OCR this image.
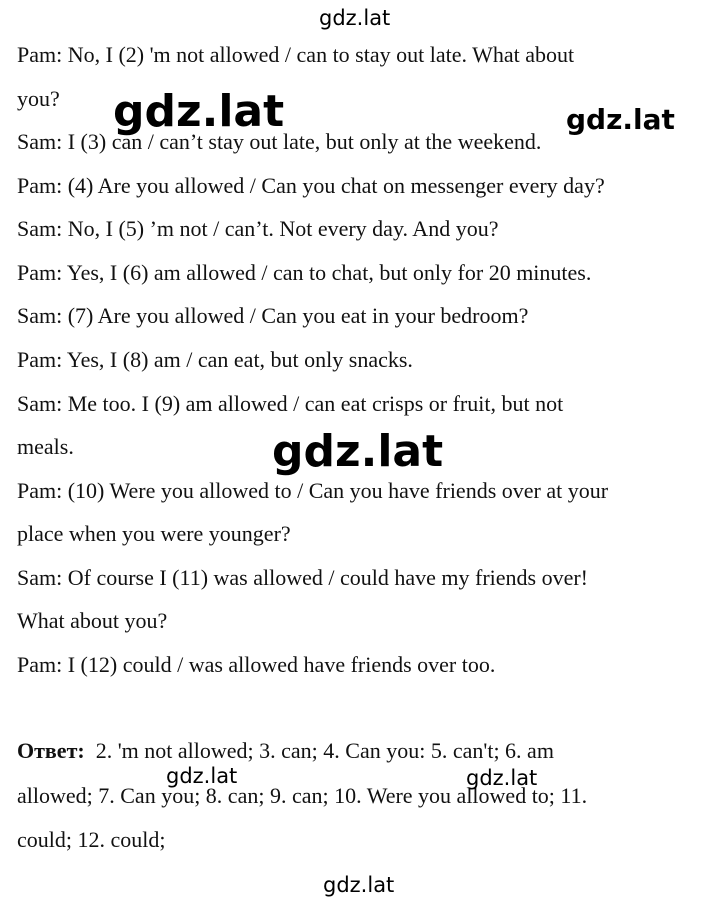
gdz.lat
Pam: No, I (2) 'm not allowed / can to stay out late. What about
you?
Sam: I (3) can / can’t stay out late, but only at the weekend.
Pam: (4) Are you allowed / Can you chat on messenger every day?
Sam: No, I (5) ’m not / can’t. Not every day. And you?
Pam: Yes, I (6) am allowed / can to chat, but only for 20 minutes.
Sam: (7) Are you allowed / Can you eat in your bedroom?
Pam: Yes, I (8) am / can eat, but only snacks.
Sam: Me too. I (9) am allowed / can eat crisps or fruit, but not
meals.
Pam: (10) Were you allowed to / Can you have friends over at your
place when you were younger?
Sam: Of course I (11) was allowed / could have my friends over!
What about you?
Pam: I (12) could / was allowed have friends over too.
Ответ: 2. 'm not allowed; 3. can; 4. Can you: 5. can't; 6. am
allowed; 7. Can you; 8. can; 9. can; 10. Were you allowed to; 11.
could; 12. could;
gdz.lat	gdz.lat
gdz.lat
gdz.lat	gdz.lat
gdz.lat
